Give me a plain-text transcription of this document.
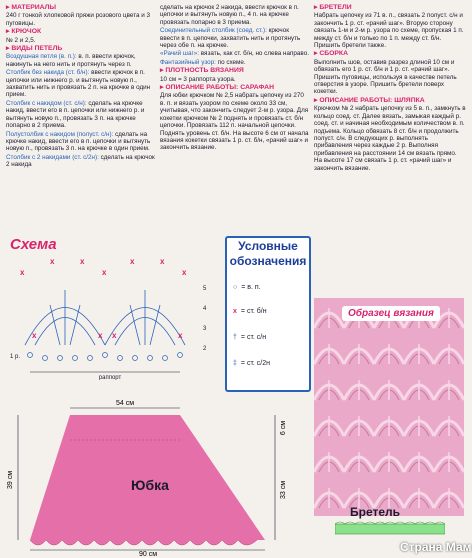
▸ МАТЕРИАЛЫ

240 г тонкой хлопковой пряжи розового цвета и 3 пуговицы.

▸ КРЮЧОК

№ 2 и 2,5.

▸ ВИДЫ ПЕТЕЛЬ

Воздушная петля (в. п.): в. п. ввести крючок, накинуть на него нить и протянуть через п.

Столбик без накида (ст. б/н): ввести крючок в п. цепочки или нижнего р. и вытянуть новую п., захватить нить и провязать 2 п. на крючке в один прием.

Столбик с накидом (ст. с/н): сделать на крючке накид, ввести его в п. цепочки или нижнего р. и вытянуть новую п., провязать 3 п. на крючке попарно в 2 приема.

Полустолбик с накидом (полуст. с/н): сделать на крючке накид, ввести его в п. цепочки и вытянуть новую п., провязать 3 п. на крючке в один прием.

Столбик с 2 накидами (ст. с/2н): сделать на крючок 2 накида

сделать на крючок 2 накида, ввести крючок в п. цепочки и вытянуть новую п., 4 п. на крючке провязать попарно в 3 приема.

Соединительный столбик (соед. ст.): крючок ввести в п. цепочки, захватить нить и протянуть через обе п. на крючке.

«Рачий шаг»: вязать, как ст. б/н, но слева направо.

Фантазийный узор: по схеме.

▸ ПЛОТНОСТЬ ВЯЗАНИЯ

10 см = 3 раппорта узора.

▸ ОПИСАНИЕ РАБОТЫ: САРАФАН

Для юбки крючком № 2,5 набрать цепочку из 270 в. п. и вязать узором по схеме около 33 см, учитывая, что закончить следует 2-м р. узора. Для кокетки крючком № 2 поднять и провязать ст. б/н цепочки. Провязать 112 п. начальной цепочки. Поднять уровень ст. б/н. На высоте 6 см от начала вязания кокетки связать 1 р. ст. б/н, «рачий шаг» и закончить вязание.

▸ БРЕТЕЛИ

Набрать цепочку из 71 в. п., связать 2 полуст. с/н и закончить 1 р. ст. «рачий шаг». Вторую сторону связать 1-м и 2-м р. узора по схеме, пропуская 1 п. между ст. б/н и только по 1 п. между ст. б/н. Пришить бретели также.

▸ СБОРКА

Выполнить шов, оставив разрез длиной 10 см и обвязать его 1 р. ст. б/н и 1 р. ст. «рачий шаг». Пришить пуговицы, используя в качестве петель отверстия в узоре. Пришить бретели поверх кокетки.

▸ ОПИСАНИЕ РАБОТЫ: ШЛЯПКА

Крючком № 2 набрать цепочку из 5 в. п., замкнуть в кольцо соед. ст. Далее вязать, замыкая каждый р. соед. ст. и начиная необходимым количеством в. п. подъема. Кольцо обвязать 8 ст. б/н и продолжить полуст. с/н. В следующих р. выполнять прибавления через каждые 2 р. Выполняя прибавления на расстоянии 14 см вязать прямо. На высоте 17 см связать 1 р. ст. «рачий шаг» и закончить вязание.

Схема
x
x	x
x
x	x
x
x	x x	x
раппорт
1 р.
2
3
4
5
Условные
обозначения
○ = в. п.
x = ст. б/н
† = ст. с/н
‡ = ст. с/2н
54 см
90 см
39 см
33 см
6 см
Юбка
Образец вязания
Бретель
Страна Мам
